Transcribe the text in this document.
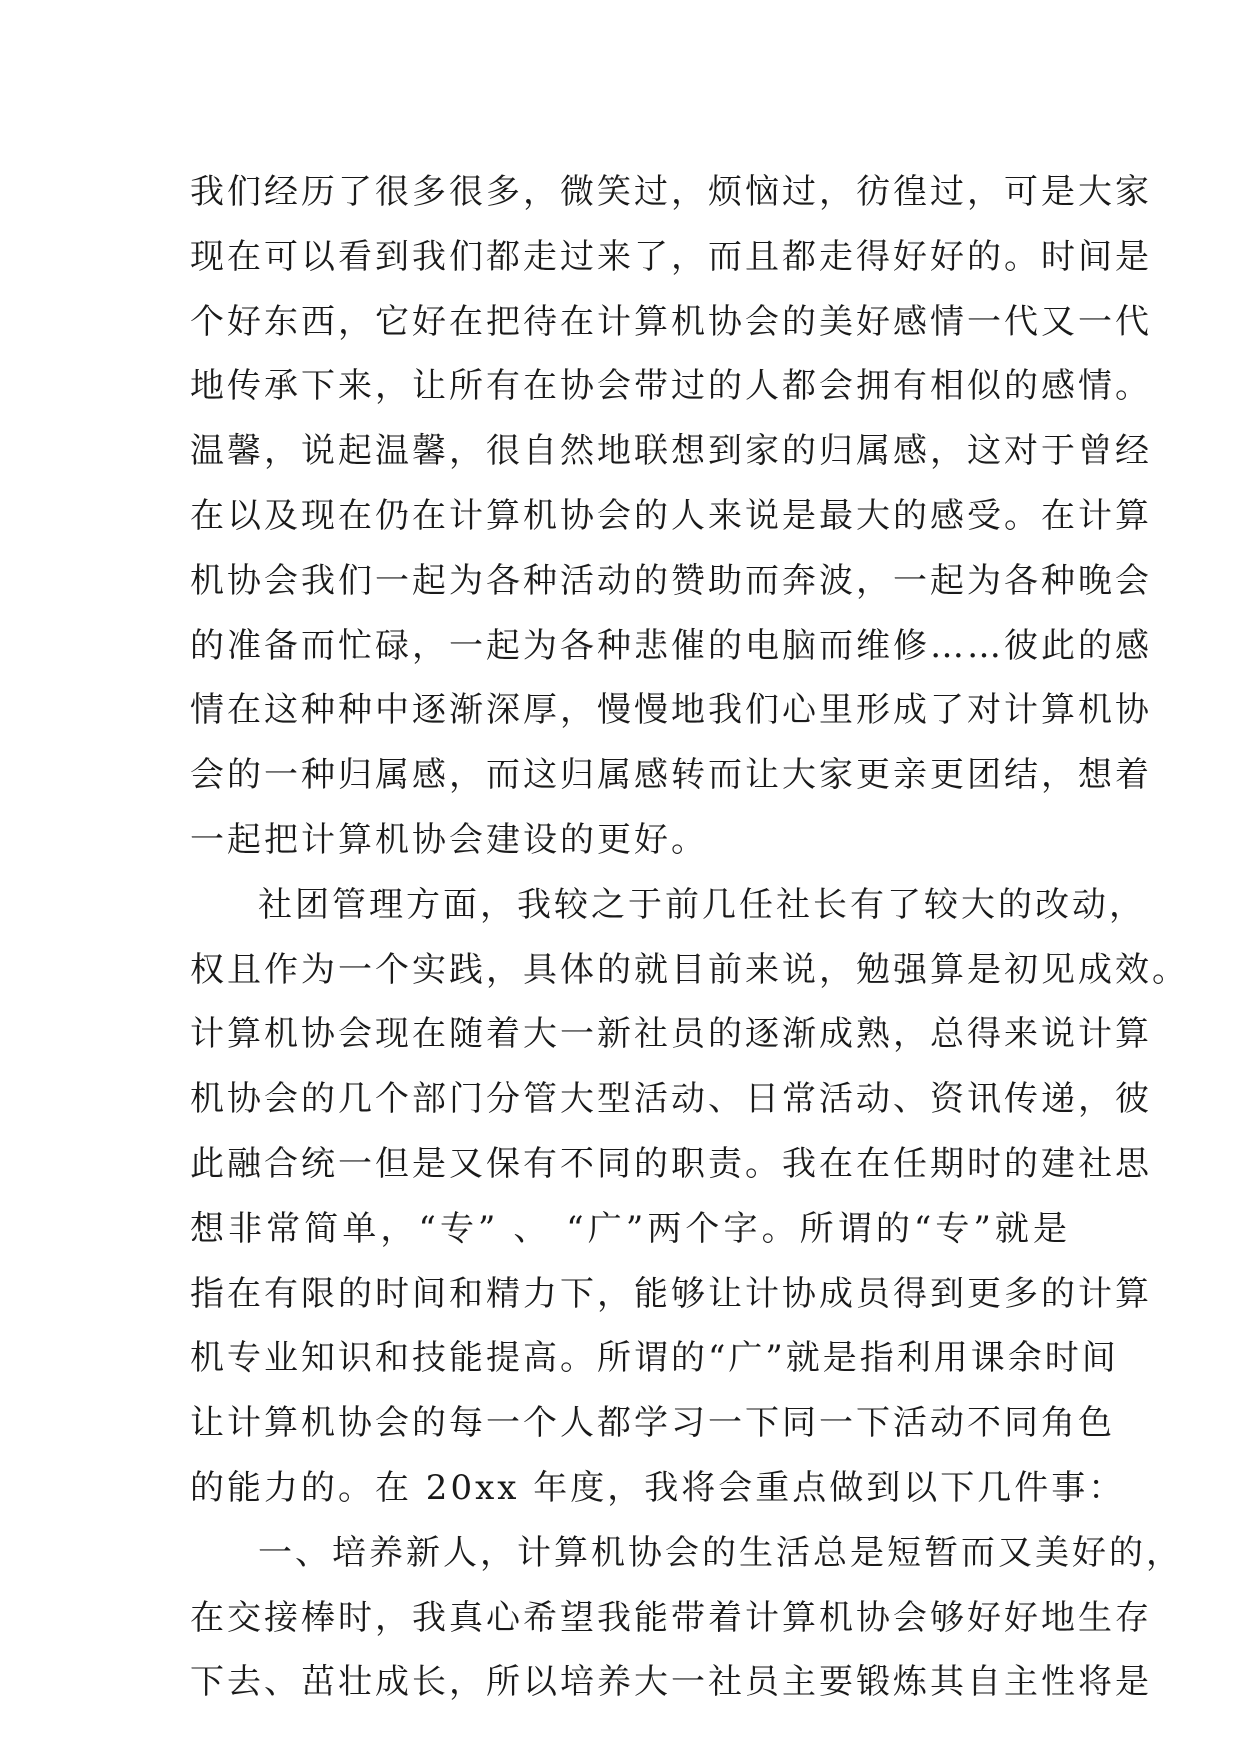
我们经历了很多很多，微笑过，烦恼过，彷徨过，可是大家
现在可以看到我们都走过来了，而且都走得好好的。时间是
个好东西，它好在把待在计算机协会的美好感情一代又一代
地传承下来，让所有在协会带过的人都会拥有相似的感情。
温馨，说起温馨，很自然地联想到家的归属感，这对于曾经
在以及现在仍在计算机协会的人来说是最大的感受。在计算
机协会我们一起为各种活动的赞助而奔波，一起为各种晚会
的准备而忙碌，一起为各种悲催的电脑而维修……彼此的感
情在这种种中逐渐深厚，慢慢地我们心里形成了对计算机协
会的一种归属感，而这归属感转而让大家更亲更团结，想着
一起把计算机协会建设的更好。
社团管理方面，我较之于前几任社长有了较大的改动，
权且作为一个实践，具体的就目前来说，勉强算是初见成效。
计算机协会现在随着大一新社员的逐渐成熟，总得来说计算
机协会的几个部门分管大型活动、日常活动、资讯传递，彼
此融合统一但是又保有不同的职责。我在在任期时的建社思
想非常简单，“专” 、 “广”两个字。所谓的“专”就是
指在有限的时间和精力下，能够让计协成员得到更多的计算
机专业知识和技能提高。所谓的“广”就是指利用课余时间
让计算机协会的每一个人都学习一下同一下活动不同角色
的能力的。在 20xx 年度，我将会重点做到以下几件事：
一、培养新人，计算机协会的生活总是短暂而又美好的，
在交接棒时，我真心希望我能带着计算机协会够好好地生存
下去、茁壮成长，所以培养大一社员主要锻炼其自主性将是
